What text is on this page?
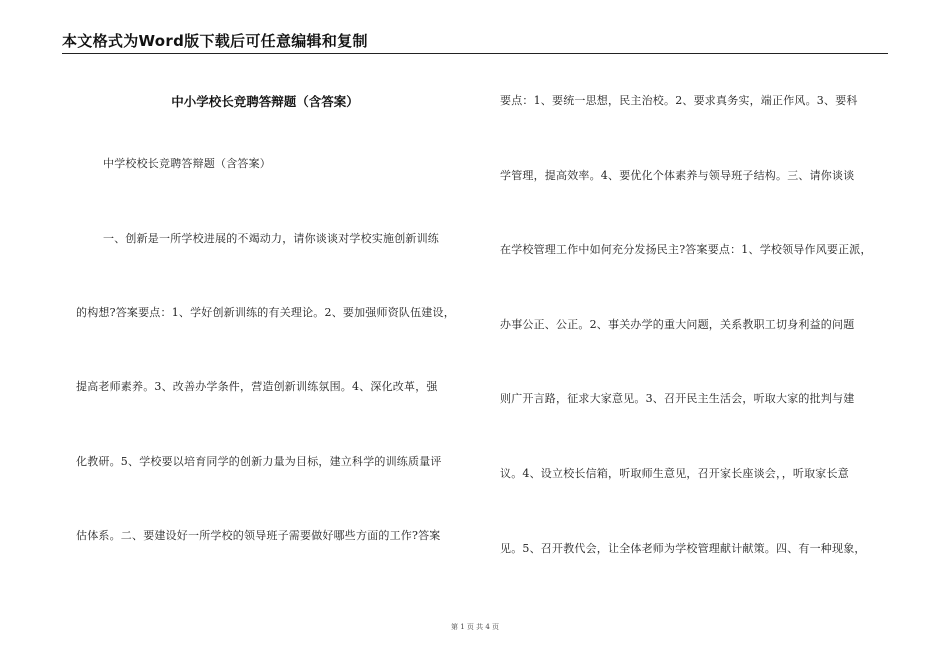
本文格式为Word版下载后可任意编辑和复制
中小学校长竞聘答辩题（含答案）
中学校校长竞聘答辩题（含答案）
一、创新是一所学校进展的不竭动力，请你谈谈对学校实施创新训练
的构想?答案要点：1、学好创新训练的有关理论。2、要加强师资队伍建设，
提高老师素养。3、改善办学条件，营造创新训练氛围。4、深化改革，强
化教研。5、学校要以培育同学的创新力量为目标，建立科学的训练质量评
估体系。二、要建设好一所学校的领导班子需要做好哪些方面的工作?答案
要点：1、要统一思想，民主治校。2、要求真务实，端正作风。3、要科
学管理，提高效率。4、要优化个体素养与领导班子结构。三、请你谈谈
在学校管理工作中如何充分发扬民主?答案要点：1、学校领导作风要正派，
办事公正、公正。2、事关办学的重大问题，关系教职工切身利益的问题
则广开言路，征求大家意见。3、召开民主生活会，听取大家的批判与建
议。4、设立校长信箱，听取师生意见，召开家长座谈会，，听取家长意
见。5、召开教代会，让全体老师为学校管理献计献策。四、有一种现象，
第 1 页 共 4 页
